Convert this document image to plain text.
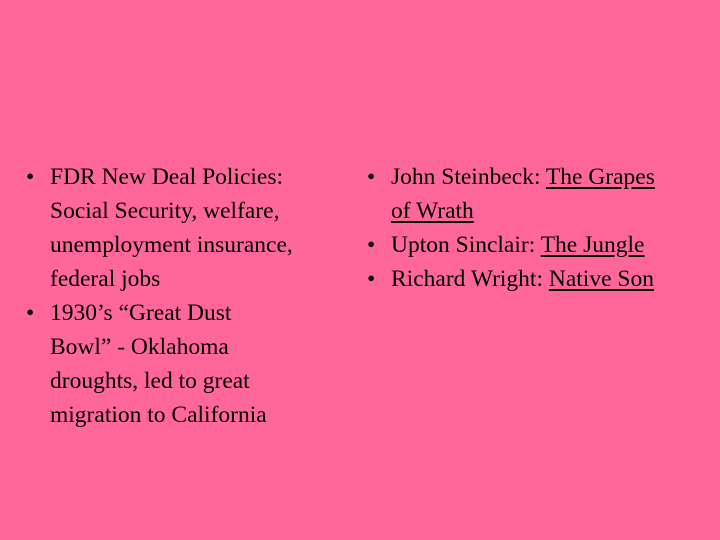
• FDR New Deal Policies:
Social Security, welfare,
unemployment insurance,
federal jobs
• 1930’s “Great Dust
Bowl” - Oklahoma
droughts, led to great
migration to California
• John Steinbeck: The Grapes
of Wrath
• Upton Sinclair: The Jungle
• Richard Wright: Native Son
